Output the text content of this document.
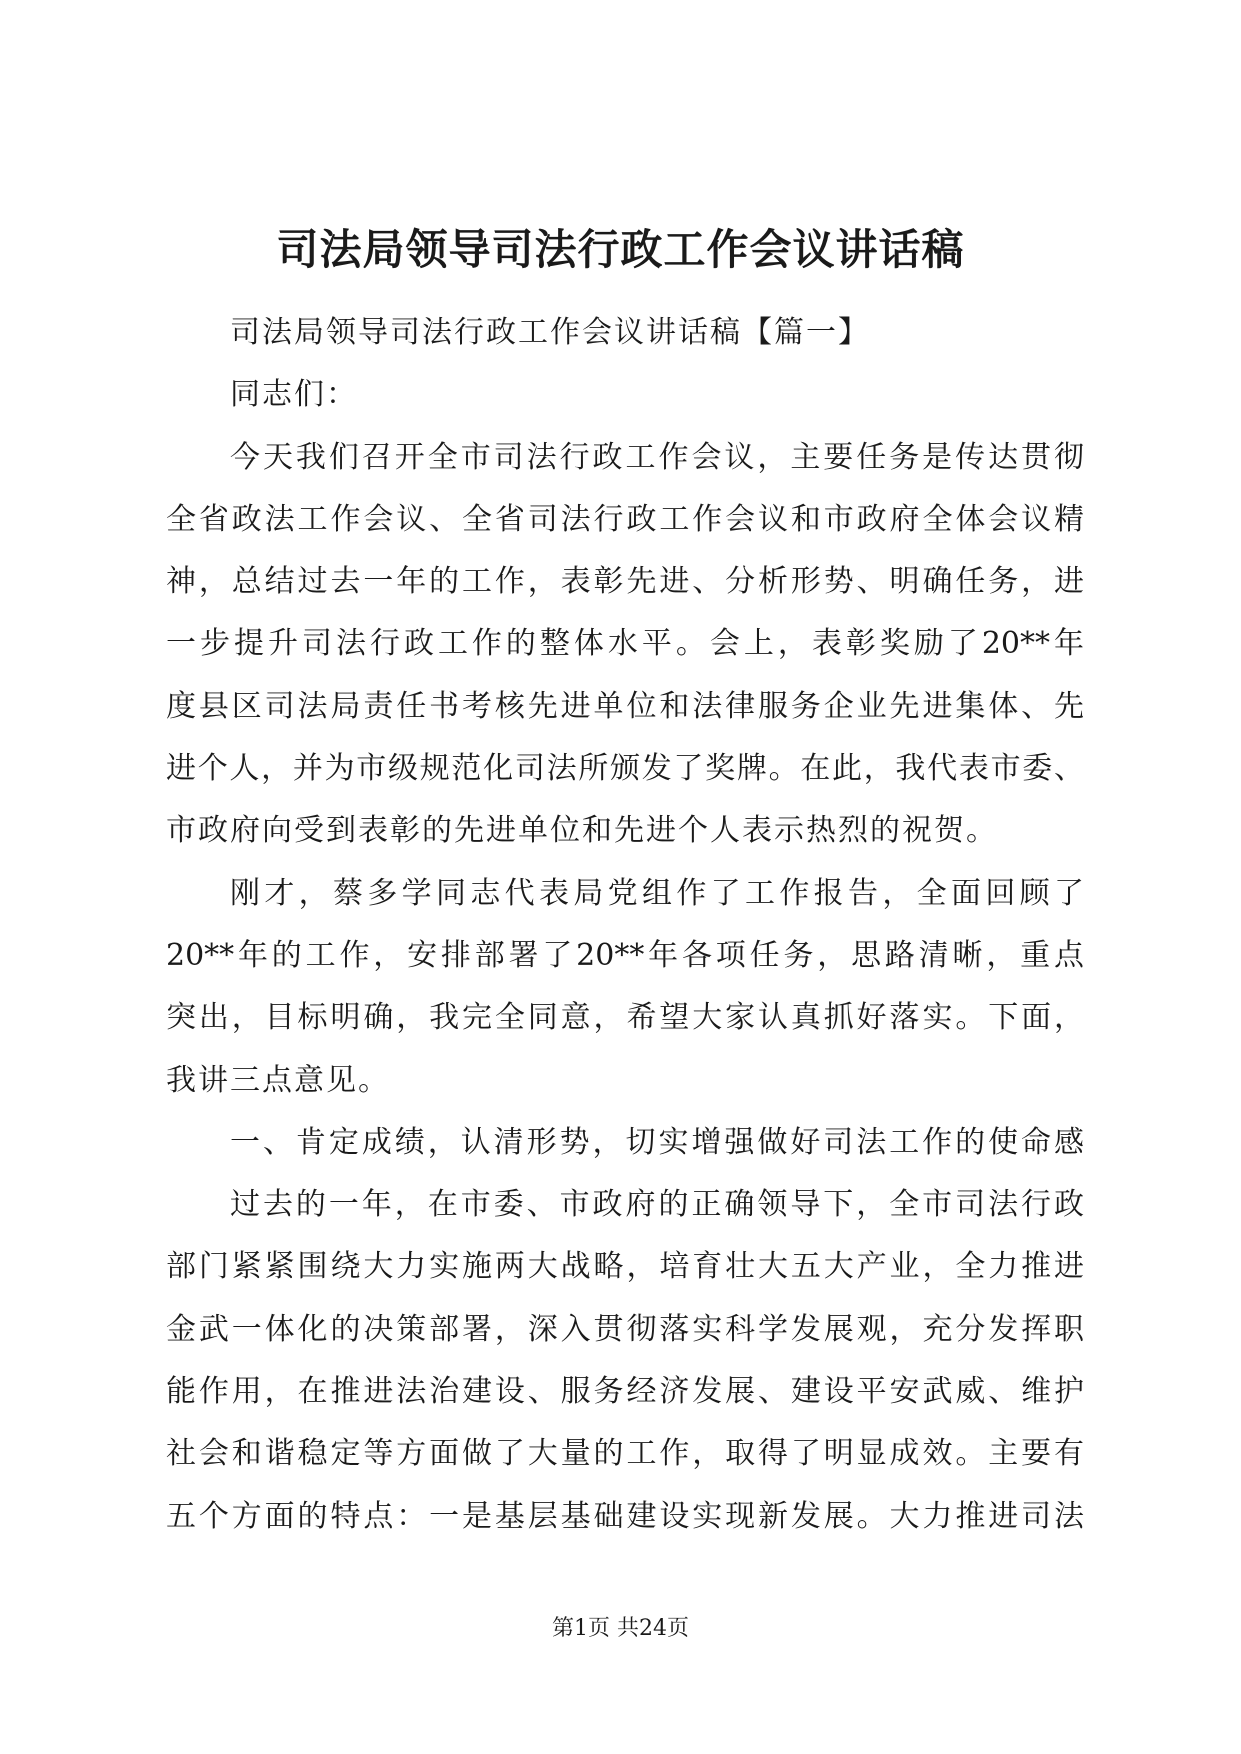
司法局领导司法行政工作会议讲话稿
司法局领导司法行政工作会议讲话稿【篇一】
同志们：
今天我们召开全市司法行政工作会议，主要任务是传达贯彻
全省政法工作会议、全省司法行政工作会议和市政府全体会议精
神，总结过去一年的工作，表彰先进、分析形势、明确任务，进
一步提升司法行政工作的整体水平。会上，表彰奖励了20**年
度县区司法局责任书考核先进单位和法律服务企业先进集体、先
进个人，并为市级规范化司法所颁发了奖牌。在此，我代表市委、
市政府向受到表彰的先进单位和先进个人表示热烈的祝贺。
刚才，蔡多学同志代表局党组作了工作报告，全面回顾了
20**年的工作，安排部署了20**年各项任务，思路清晰，重点
突出，目标明确，我完全同意，希望大家认真抓好落实。下面，
我讲三点意见。
一、肯定成绩，认清形势，切实增强做好司法工作的使命感
过去的一年，在市委、市政府的正确领导下，全市司法行政
部门紧紧围绕大力实施两大战略，培育壮大五大产业，全力推进
金武一体化的决策部署，深入贯彻落实科学发展观，充分发挥职
能作用，在推进法治建设、服务经济发展、建设平安武威、维护
社会和谐稳定等方面做了大量的工作，取得了明显成效。主要有
五个方面的特点：一是基层基础建设实现新发展。大力推进司法
第1页 共24页
